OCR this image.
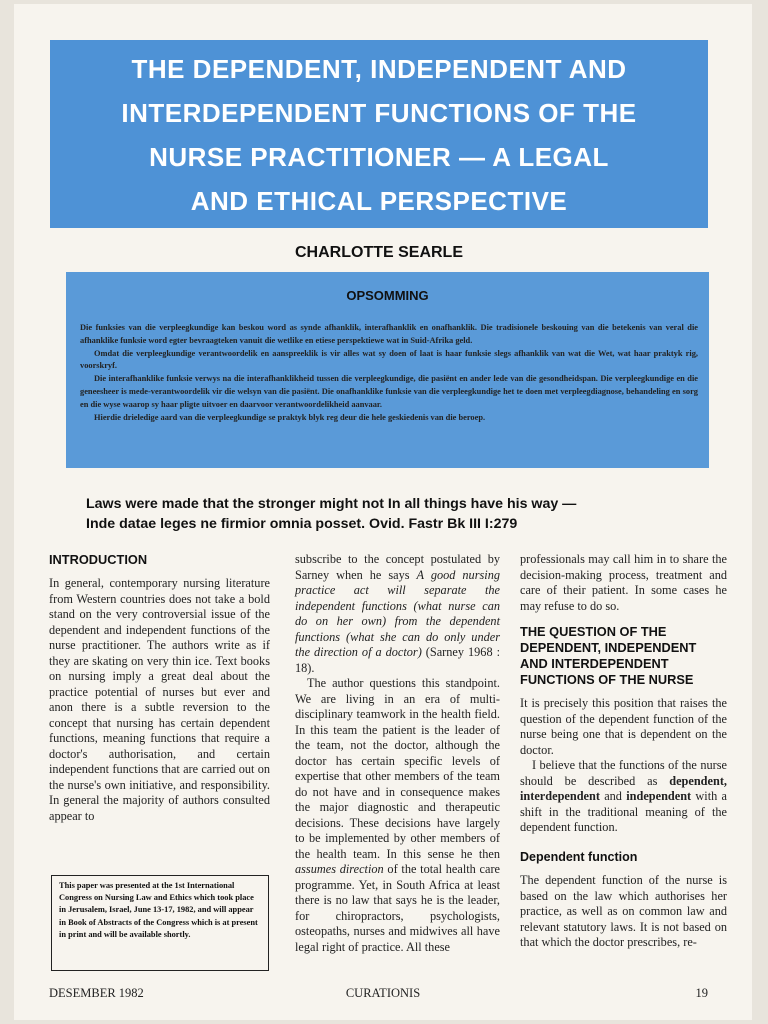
THE DEPENDENT, INDEPENDENT AND
INTERDEPENDENT FUNCTIONS OF THE
NURSE PRACTITIONER — A LEGAL
AND ETHICAL PERSPECTIVE
CHARLOTTE SEARLE
OPSOMMING

Die funksies van die verpleegkundige kan beskou word as synde afhanklik, interafhanklik en onafhanklik. Die tradisionele beskouing van die betekenis van veral die afhanklike funksie word egter bevraagteken vanuit die wetlike en etiese perspektiewe wat in Suid-Afrika geld.

Omdat die verpleegkundige verantwoordelik en aanspreeklik is vir alles wat sy doen of laat is haar funksie slegs afhanklik van wat die Wet, wat haar praktyk rig, voorskryf.

Die interafhanklike funksie verwys na die interafhanklikheid tussen die verpleegkundige, die pasiënt en ander lede van die gesondheidspan. Die verpleegkundige en die geneesheer is mede-verantwoordelik vir die welsyn van die pasiënt. Die onafhanklike funksie van die verpleegkundige het te doen met verpleegdiagnose, behandeling en sorg en die wyse waarop sy haar pligte uitvoer en daarvoor verantwoordelikheid aanvaar.

Hierdie drieledige aard van die verpleegkundige se praktyk blyk reg deur die hele geskiedenis van die beroep.

Laws were made that the stronger might not In all things have his way —
Inde datae leges ne firmior omnia posset. Ovid. Fastr Bk III I:279
INTRODUCTION

In general, contemporary nursing literature from Western countries does not take a bold stand on the very controversial issue of the dependent and independent functions of the nurse practitioner. The authors write as if they are skating on very thin ice. Text books on nursing imply a great deal about the practice potential of nurses but ever and anon there is a subtle reversion to the concept that nursing has certain dependent functions, meaning functions that require a doctor's authorisation, and certain independent functions that are carried out on the nurse's own initiative, and responsibility. In general the majority of authors consulted appear to

This paper was presented at the 1st International Congress on Nursing Law and Ethics which took place in Jerusalem, Israel, June 13-17, 1982, and will appear in Book of Abstracts of the Congress which is at present in print and will be available shortly.

subscribe to the concept postulated by Sarney when he says A good nursing practice act will separate the independent functions (what nurse can do on her own) from the dependent functions (what she can do only under the direction of a doctor) (Sarney 1968 : 18).

The author questions this standpoint. We are living in an era of multi-disciplinary teamwork in the health field. In this team the patient is the leader of the team, not the doctor, although the doctor has certain specific levels of expertise that other members of the team do not have and in consequence makes the major diagnostic and therapeutic decisions. These decisions have largely to be implemented by other members of the health team. In this sense he then assumes direction of the total health care programme. Yet, in South Africa at least there is no law that says he is the leader, for chiropractors, psychologists, osteopaths, nurses and midwives all have legal right of practice. All these

professionals may call him in to share the decision-making process, treatment and care of their patient. In some cases he may refuse to do so.

THE QUESTION OF THE DEPENDENT, INDEPENDENT AND INTERDEPENDENT FUNCTIONS OF THE NURSE

It is precisely this position that raises the question of the dependent function of the nurse being one that is dependent on the doctor.

I believe that the functions of the nurse should be described as dependent, interdependent and independent with a shift in the traditional meaning of the dependent function.

Dependent function

The dependent function of the nurse is based on the law which authorises her practice, as well as on common law and relevant statutory laws. It is not based on that which the doctor prescribes, re-

DESEMBER 1982	CURATIONIS	19
